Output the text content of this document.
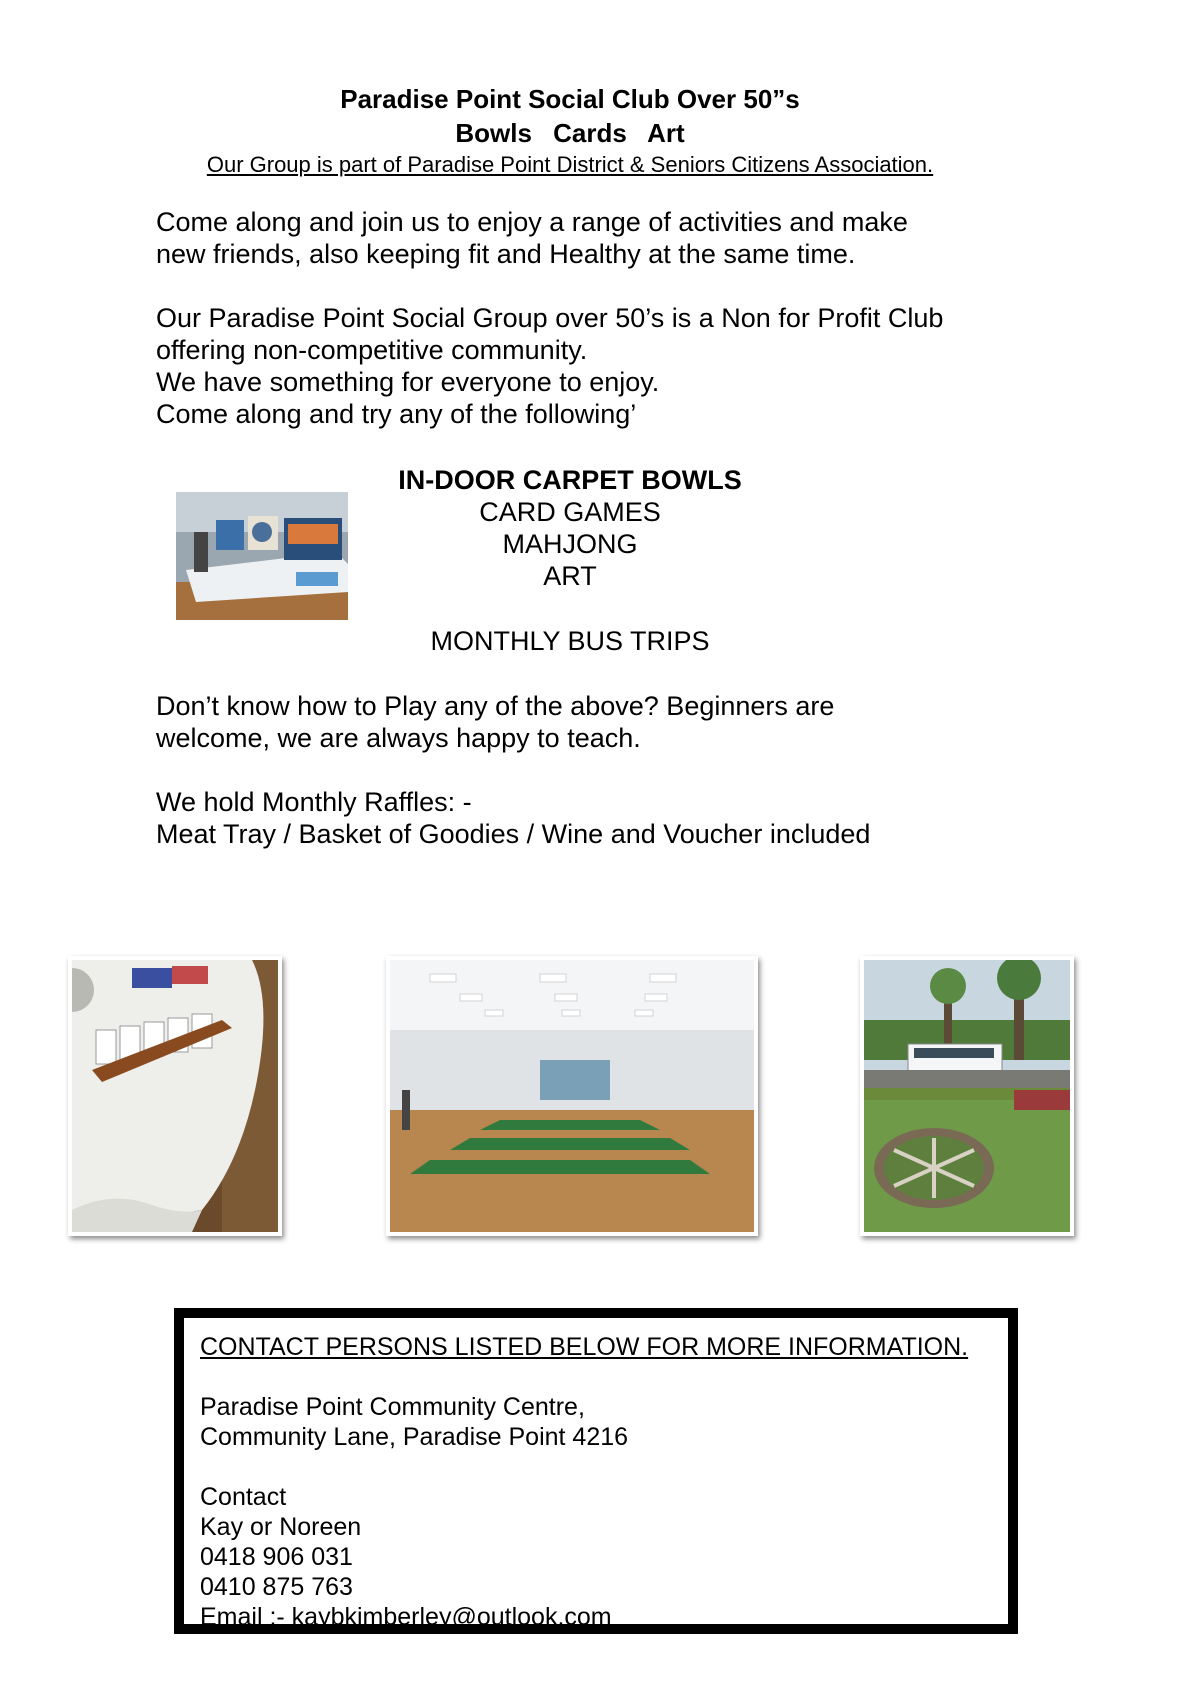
Paradise Point Social Club Over 50”s
Bowls Cards Art
Our Group is part of Paradise Point District & Seniors Citizens Association.
Come along and join us to enjoy a range of activities and make
new friends, also keeping fit and Healthy at the same time.
Our Paradise Point Social Group over 50’s is a Non for Profit Club
offering non-competitive community.
We have something for everyone to enjoy.
Come along and try any of the following’
IN-DOOR CARPET BOWLS
CARD GAMES
MAHJONG
ART
MONTHLY BUS TRIPS
Don’t know how to Play any of the above? Beginners are
welcome, we are always happy to teach.
We hold Monthly Raffles: -
Meat Tray / Basket of Goodies / Wine and Voucher included
CONTACT PERSONS LISTED BELOW FOR MORE INFORMATION.
Paradise Point Community Centre,
Community Lane, Paradise Point 4216
Contact
Kay or Noreen
0418 906 031
0410 875 763
Email :- kaybkimberley@outlook.com
